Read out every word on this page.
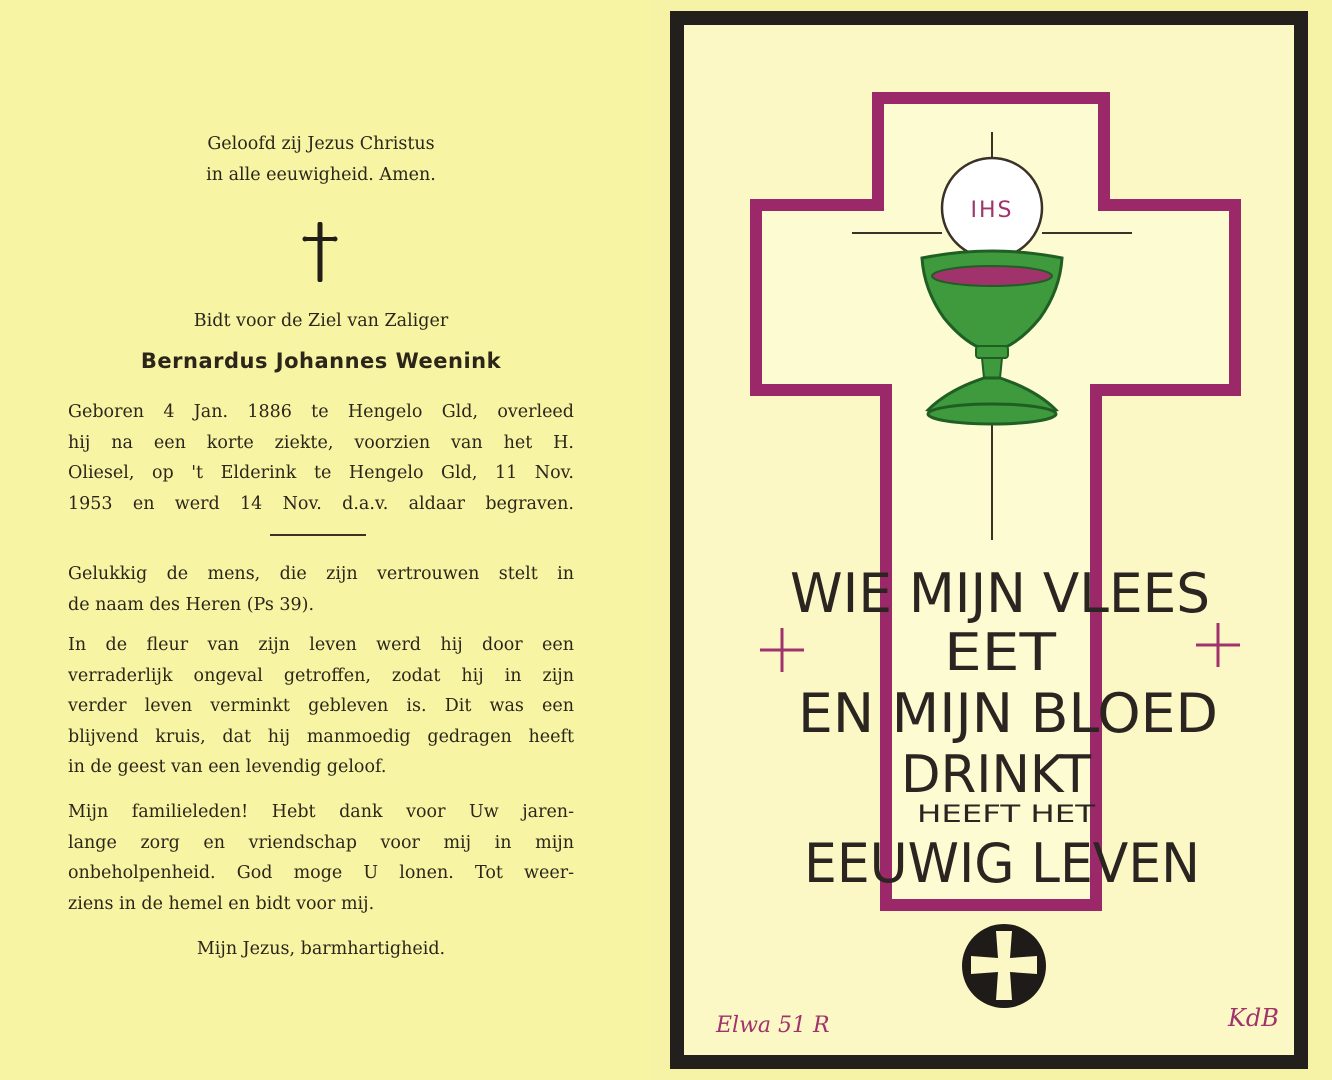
Geloofd zij Jezus Christus
in alle eeuwigheid. Amen.
Bidt voor de Ziel van Zaliger
Bernardus Johannes Weenink
Geboren 4 Jan. 1886 te Hengelo Gld, overleed
hij na een korte ziekte, voorzien van het H.
Oliesel, op 't Elderink te Hengelo Gld, 11 Nov.
1953 en werd 14 Nov. d.a.v. aldaar begraven.
Gelukkig de mens, die zijn vertrouwen stelt in
de naam des Heren (Ps 39).
In de fleur van zijn leven werd hij door een
verraderlijk ongeval getroffen, zodat hij in zijn
verder leven verminkt gebleven is. Dit was een
blijvend kruis, dat hij manmoedig gedragen heeft
in de geest van een levendig geloof.
Mijn familieleden! Hebt dank voor Uw jaren-
lange zorg en vriendschap voor mij in mijn
onbeholpenheid. God moge U lonen. Tot weer-
ziens in de hemel en bidt voor mij.
Mijn Jezus, barmhartigheid.
IHS
WIE MIJN VLEES
EET
EN MIJN BLOED
DRINKT
HEEFT HET
EEUWIG LEVEN
Elwa 51 R	KdB
